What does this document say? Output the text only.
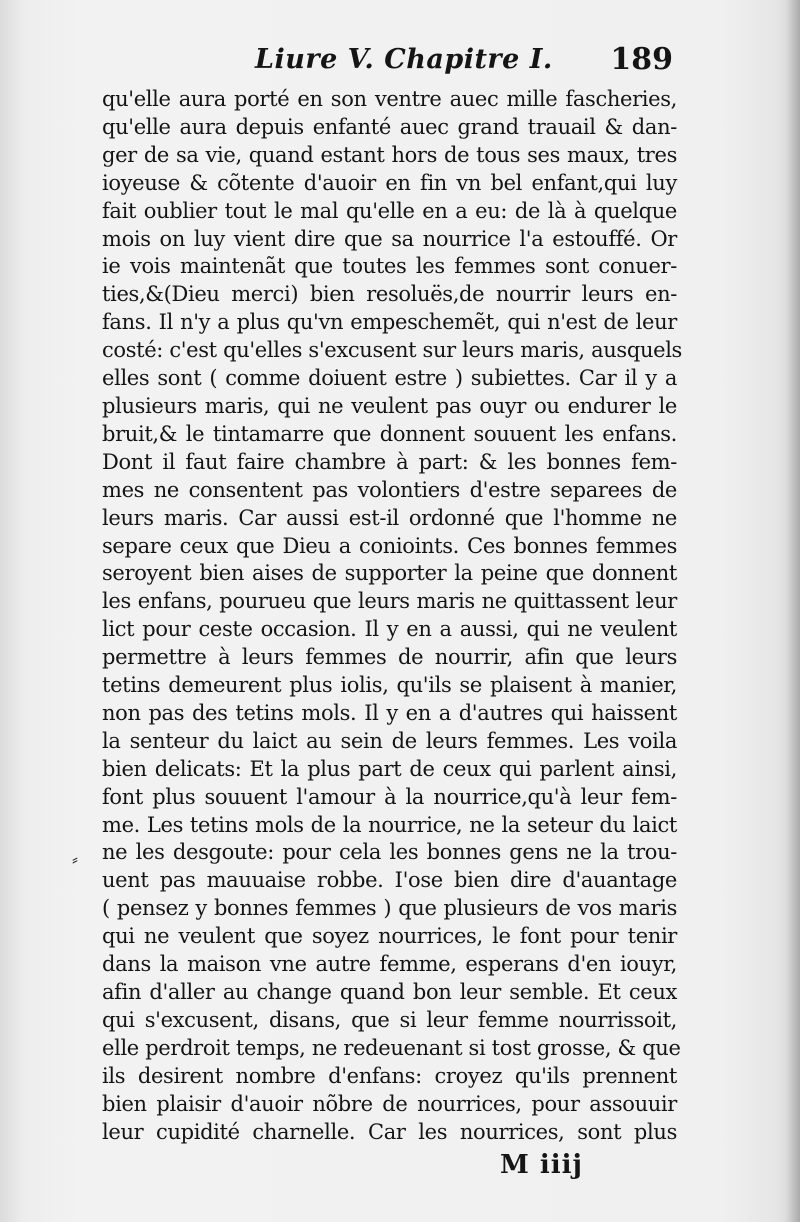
Liure V. Chapitre I. 189
⸗
qu'elle aura porté en son ventre auec mille fascheries,
qu'elle aura depuis enfanté auec grand trauail & dan-
ger de sa vie, quand estant hors de tous ses maux, tres
ioyeuse & cõtente d'auoir en fin vn bel enfant,qui luy
fait oublier tout le mal qu'elle en a eu: de là à quelque
mois on luy vient dire que sa nourrice l'a estouffé. Or
ie vois maintenãt que toutes les femmes sont conuer-
ties,&(Dieu merci) bien resoluës,de nourrir leurs en-
fans. Il n'y a plus qu'vn empeschemẽt, qui n'est de leur
costé: c'est qu'elles s'excusent sur leurs maris, ausquels
elles sont ( comme doiuent estre ) subiettes. Car il y a
plusieurs maris, qui ne veulent pas ouyr ou endurer le
bruit,& le tintamarre que donnent souuent les enfans.
Dont il faut faire chambre à part: & les bonnes fem-
mes ne consentent pas volontiers d'estre separees de
leurs maris. Car aussi est-il ordonné que l'homme ne
separe ceux que Dieu a conioints. Ces bonnes femmes
seroyent bien aises de supporter la peine que donnent
les enfans, pourueu que leurs maris ne quittassent leur
lict pour ceste occasion. Il y en a aussi, qui ne veulent
permettre à leurs femmes de nourrir, afin que leurs
tetins demeurent plus iolis, qu'ils se plaisent à manier,
non pas des tetins mols. Il y en a d'autres qui haissent
la senteur du laict au sein de leurs femmes. Les voila
bien delicats: Et la plus part de ceux qui parlent ainsi,
font plus souuent l'amour à la nourrice,qu'à leur fem-
me. Les tetins mols de la nourrice, ne la seteur du laict
ne les desgoute: pour cela les bonnes gens ne la trou-
uent pas mauuaise robbe. I'ose bien dire d'auantage
( pensez y bonnes femmes ) que plusieurs de vos maris
qui ne veulent que soyez nourrices, le font pour tenir
dans la maison vne autre femme, esperans d'en iouyr,
afin d'aller au change quand bon leur semble. Et ceux
qui s'excusent, disans, que si leur femme nourrissoit,
elle perdroit temps, ne redeuenant si tost grosse, & que
ils desirent nombre d'enfans: croyez qu'ils prennent
bien plaisir d'auoir nõbre de nourrices, pour assouuir
leur cupidité charnelle. Car les nourrices, sont plus
M iiij
